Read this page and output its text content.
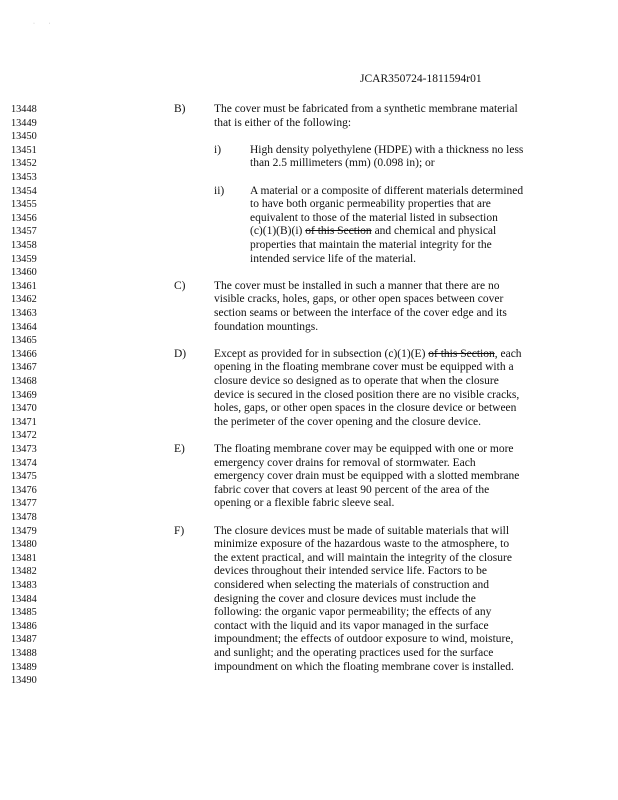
· ·
JCAR350724-1811594r01
13448
13449
13450
13451
13452
13453
13454
13455
13456
13457
13458
13459
13460
13461
13462
13463
13464
13465
13466
13467
13468
13469
13470
13471
13472
13473
13474
13475
13476
13477
13478
13479
13480
13481
13482
13483
13484
13485
13486
13487
13488
13489
13490
B) The cover must be fabricated from a synthetic membrane material
that is either of the following:
i)	High density polyethylene (HDPE) with a thickness no less
than 2.5 millimeters (mm) (0.098 in); or
ii) A material or a composite of different materials determined
to have both organic permeability properties that are
equivalent to those of the material listed in subsection
(c)(1)(B)(i) of this Section and chemical and physical
properties that maintain the material integrity for the
intended service life of the material.
C) The cover must be installed in such a manner that there are no
visible cracks, holes, gaps, or other open spaces between cover
section seams or between the interface of the cover edge and its
foundation mountings.
D) Except as provided for in subsection (c)(1)(E) of this Section, each
opening in the floating membrane cover must be equipped with a
closure device so designed as to operate that when the closure
device is secured in the closed position there are no visible cracks,
holes, gaps, or other open spaces in the closure device or between
the perimeter of the cover opening and the closure device.
E)	The floating membrane cover may be equipped with one or more
emergency cover drains for removal of stormwater. Each
emergency cover drain must be equipped with a slotted membrane
fabric cover that covers at least 90 percent of the area of the
opening or a flexible fabric sleeve seal.
F)	The closure devices must be made of suitable materials that will
minimize exposure of the hazardous waste to the atmosphere, to
the extent practical, and will maintain the integrity of the closure
devices throughout their intended service life. Factors to be
considered when selecting the materials of construction and
designing the cover and closure devices must include the
following: the organic vapor permeability; the effects of any
contact with the liquid and its vapor managed in the surface
impoundment; the effects of outdoor exposure to wind, moisture,
and sunlight; and the operating practices used for the surface
impoundment on which the floating membrane cover is installed.
